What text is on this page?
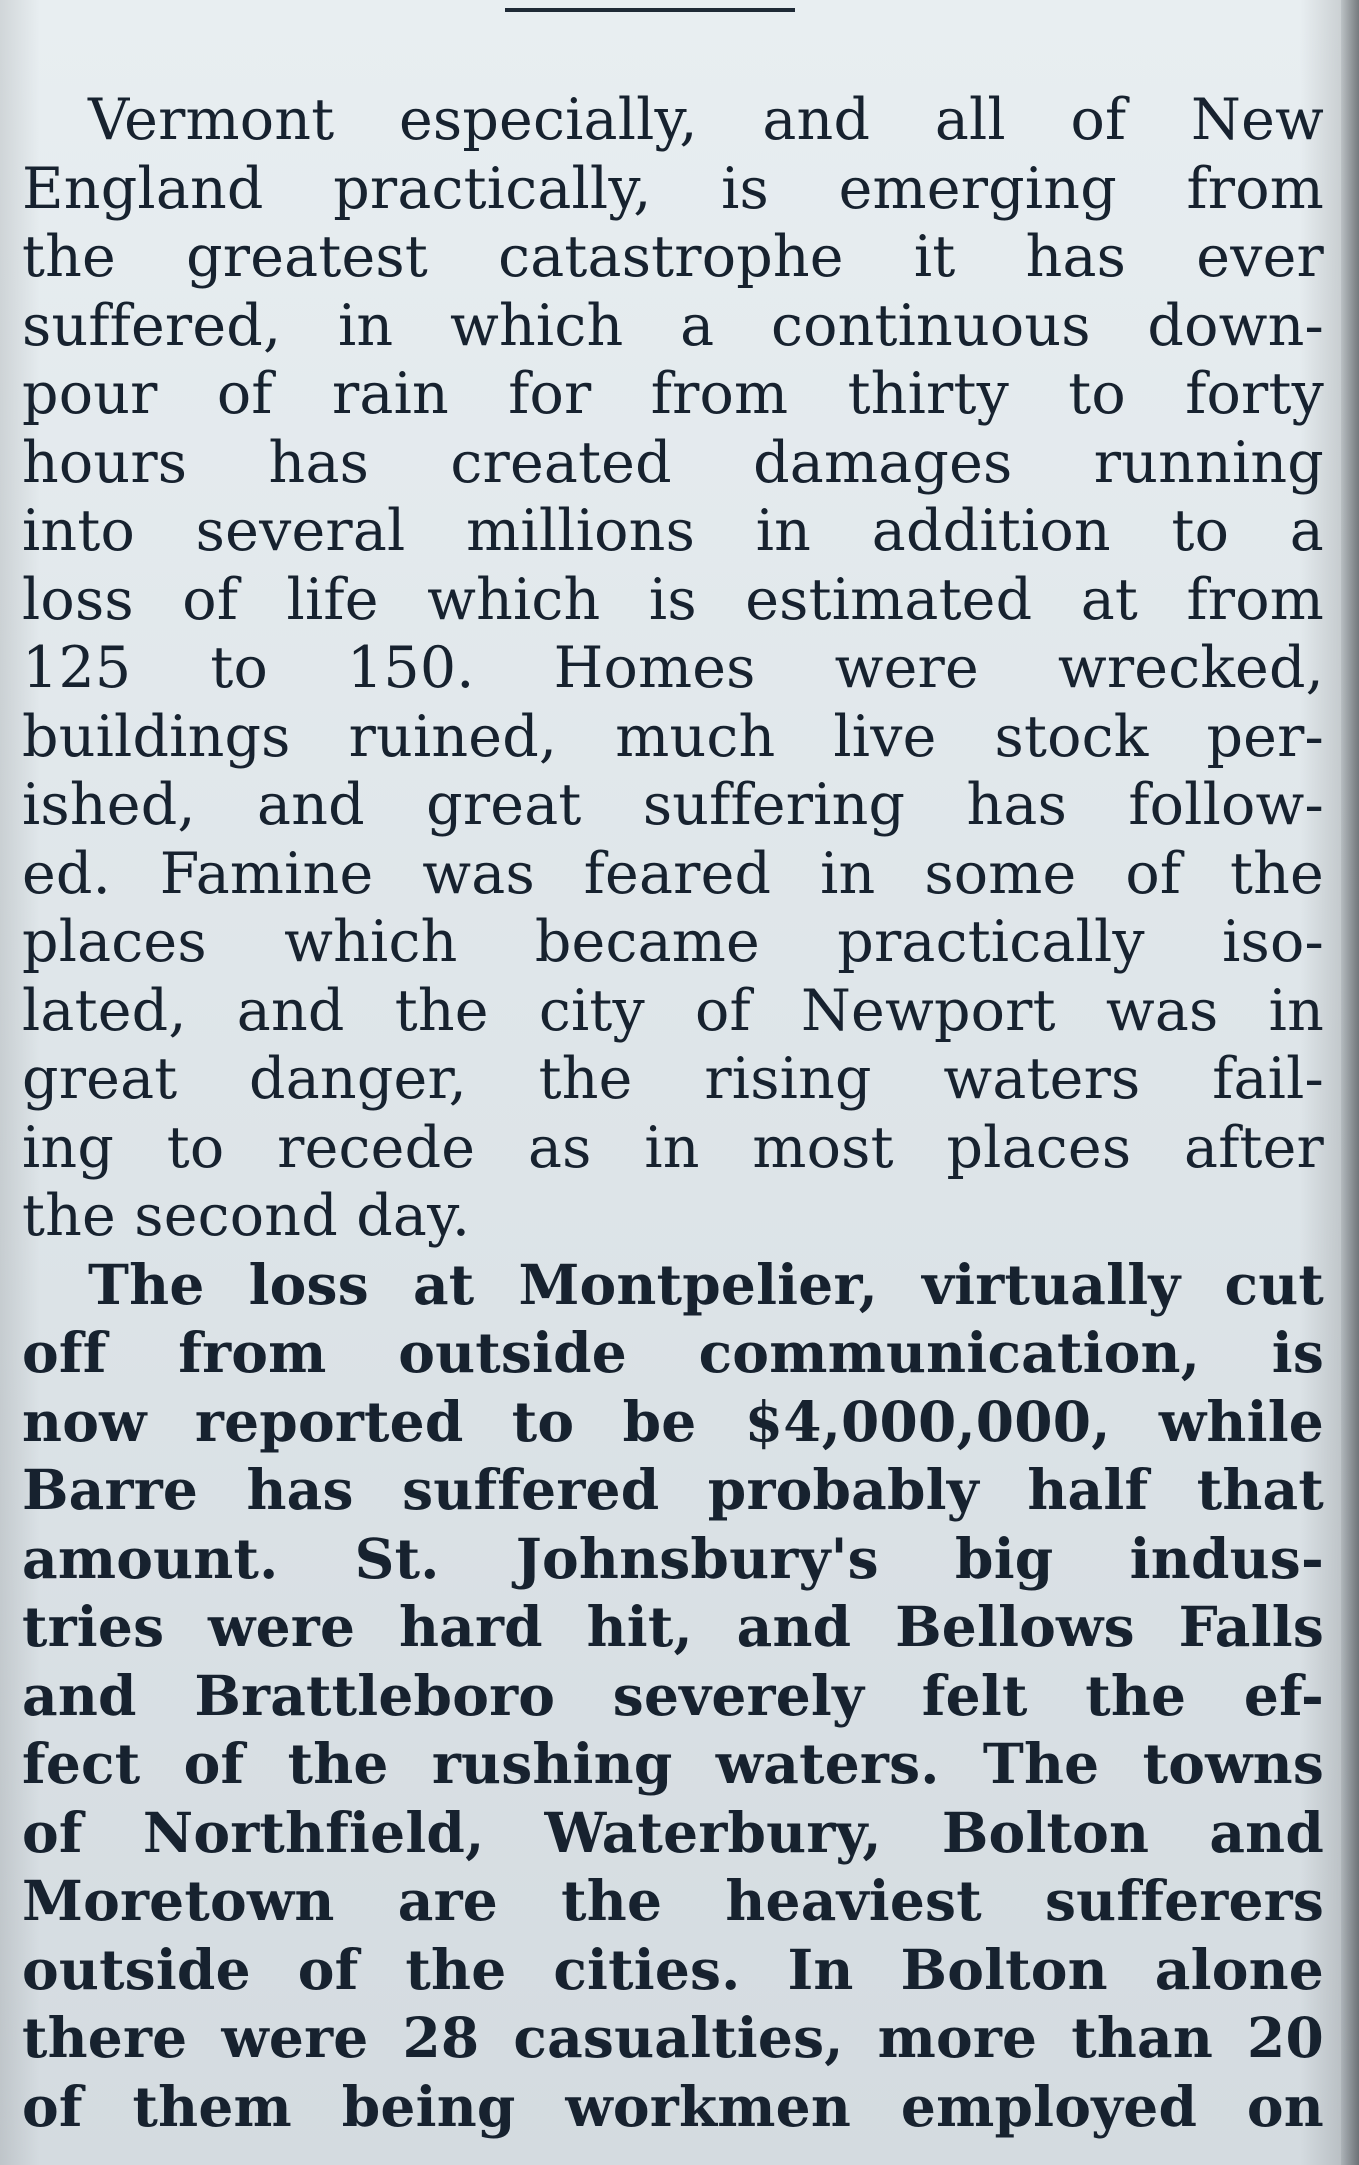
Vermont especially, and all of New
England practically, is emerging from
the greatest catastrophe it has ever
suffered, in which a continuous down-
pour of rain for from thirty to forty
hours has created damages running
into several millions in addition to a
loss of life which is estimated at from
125 to 150. Homes were wrecked,
buildings ruined, much live stock per-
ished, and great suffering has follow-
ed. Famine was feared in some of the
places which became practically iso-
lated, and the city of Newport was in
great danger, the rising waters fail-
ing to recede as in most places after
the second day.
The loss at Montpelier, virtually cut
off from outside communication, is
now reported to be $4,000,000, while
Barre has suffered probably half that
amount. St. Johnsbury's big indus-
tries were hard hit, and Bellows Falls
and Brattleboro severely felt the ef-
fect of the rushing waters. The towns
of Northfield, Waterbury, Bolton and
Moretown are the heaviest sufferers
outside of the cities. In Bolton alone
there were 28 casualties, more than 20
of them being workmen employed on
